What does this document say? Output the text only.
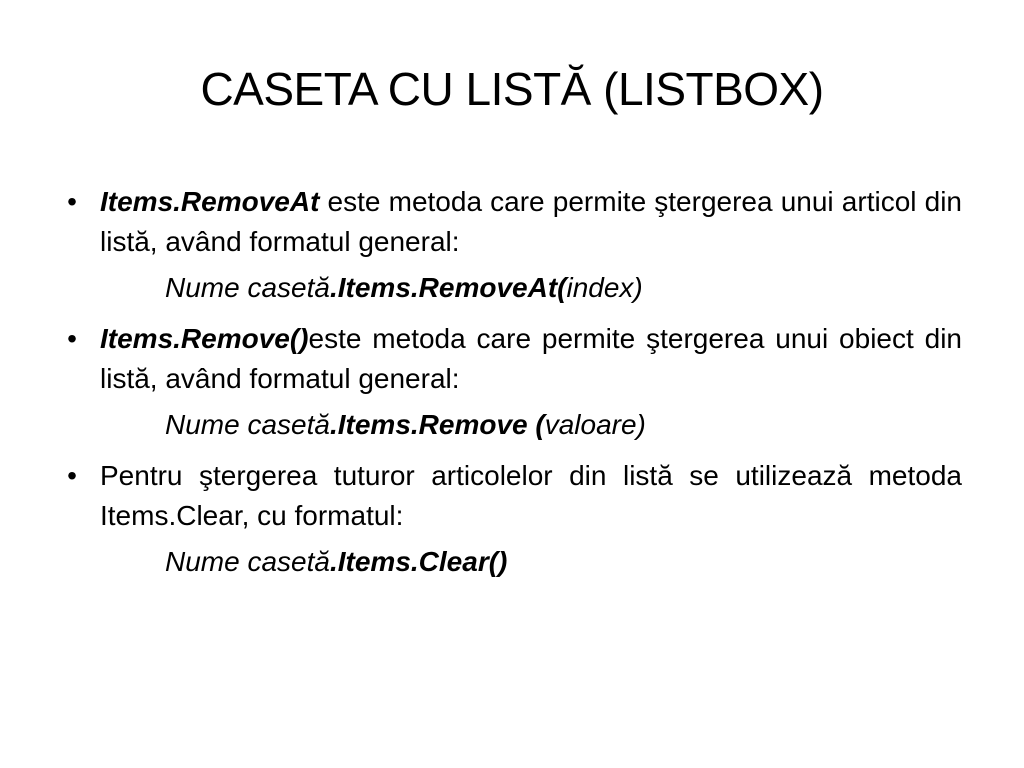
CASETA CU LISTĂ (LISTBOX)

• Items.RemoveAt este metoda care permite ştergerea unui articol din listă, având formatul general:

Nume casetă.Items.RemoveAt(index)

• Items.Remove()este metoda care permite ştergerea unui obiect din listă, având formatul general:

Nume casetă.Items.Remove (valoare)

• Pentru ştergerea tuturor articolelor din listă se utilizează metoda Items.Clear, cu formatul:

Nume casetă.Items.Clear()
